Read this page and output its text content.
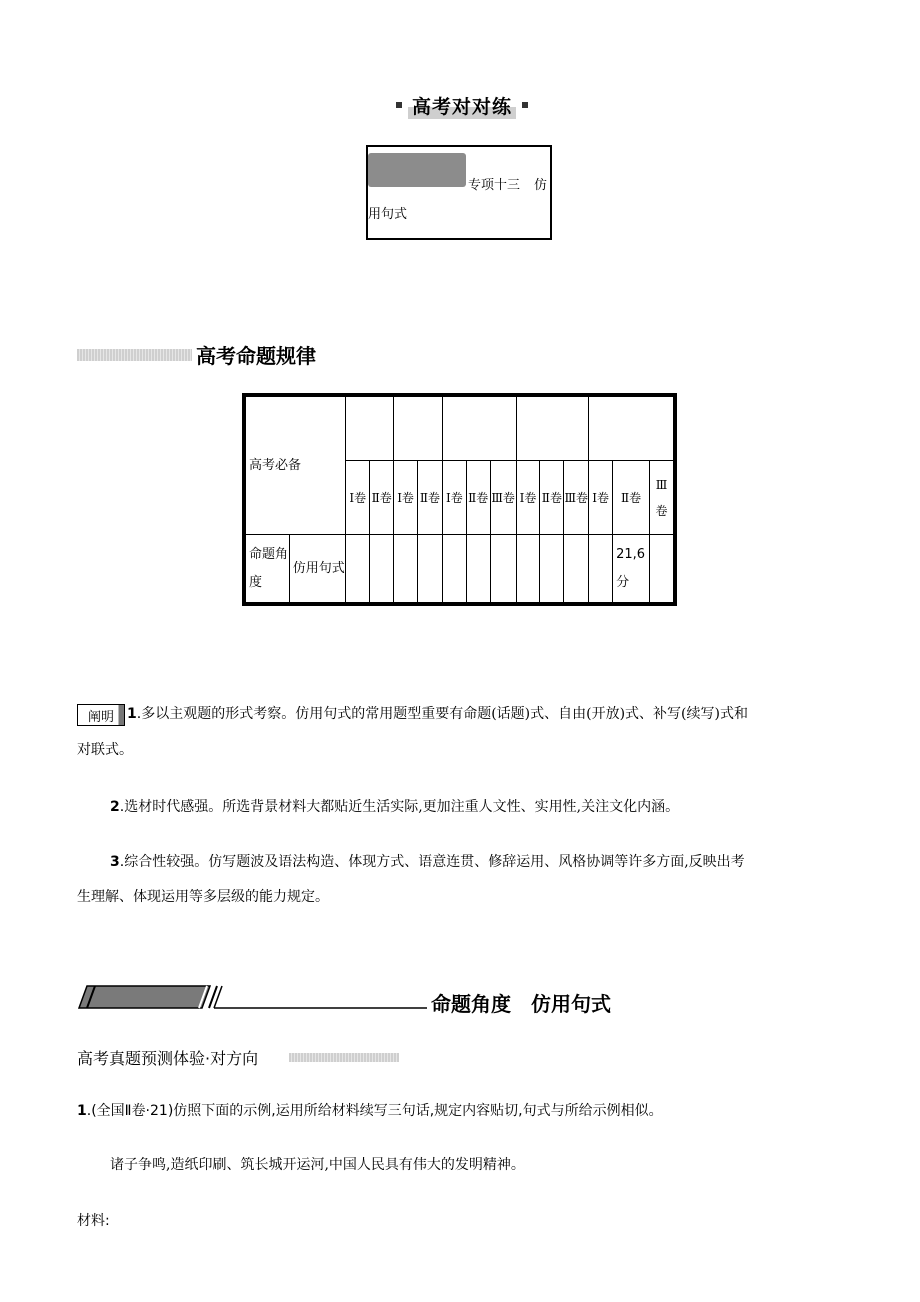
高考对对练
专项十三 仿
用句式
高考命题规律
高考必备														
		Ⅰ卷	Ⅱ卷	Ⅰ卷	Ⅱ卷	Ⅰ卷	Ⅱ卷	Ⅲ卷	Ⅰ卷	Ⅱ卷	Ⅲ卷	Ⅰ卷	Ⅱ卷	Ⅲ卷
命题角度	仿用句式												21,6分	
阐明 1.多以主观题的形式考察。仿用句式的常用题型重要有命题(话题)式、自由(开放)式、补写(续写)式和
对联式。
2.选材时代感强。所选背景材料大都贴近生活实际,更加注重人文性、实用性,关注文化内涵。
3.综合性较强。仿写题波及语法构造、体现方式、语意连贯、修辞运用、风格协调等许多方面,反映出考
生理解、体现运用等多层级的能力规定。
命题角度　仿用句式
高考真题预测体验·对方向
1.(全国Ⅱ卷·21)仿照下面的示例,运用所给材料续写三句话,规定内容贴切,句式与所给示例相似。
诸子争鸣,造纸印刷、筑长城开运河,中国人民具有伟大的发明精神。
材料:
